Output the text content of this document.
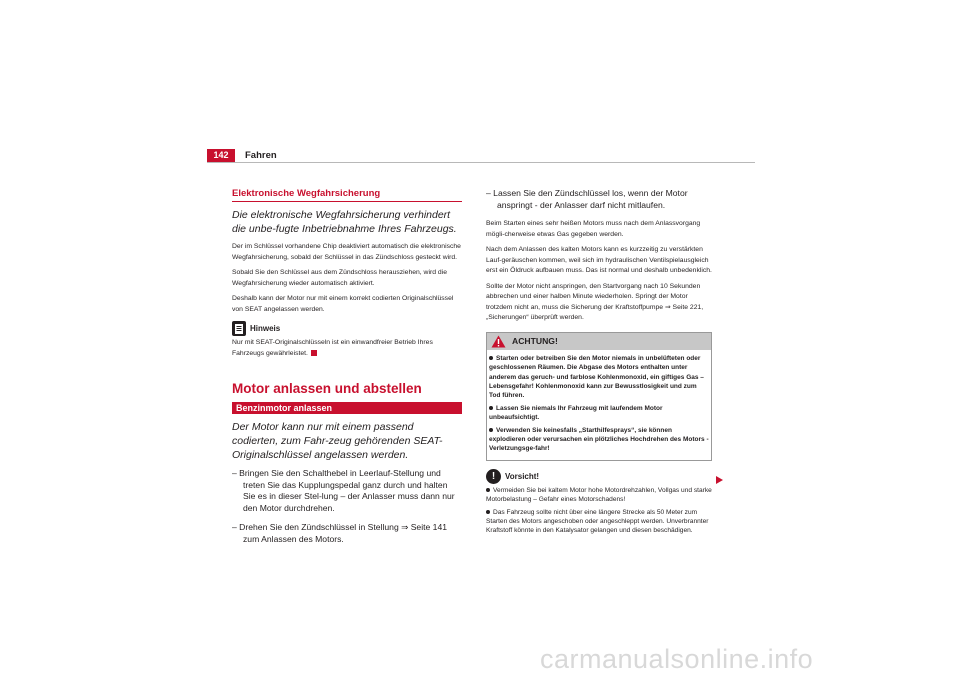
142	Fahren
Elektronische Wegfahrsicherung

Die elektronische Wegfahrsicherung verhindert die unbe-fugte Inbetriebnahme Ihres Fahrzeugs.

Der im Schlüssel vorhandene Chip deaktiviert automatisch die elektronische Wegfahrsicherung, sobald der Schlüssel in das Zündschloss gesteckt wird.

Sobald Sie den Schlüssel aus dem Zündschloss herausziehen, wird die Wegfahrsicherung wieder automatisch aktiviert.

Deshalb kann der Motor nur mit einem korrekt codierten Originalschlüssel von SEAT angelassen werden.

Hinweis

Nur mit SEAT-Originalschlüsseln ist ein einwandfreier Betrieb Ihres Fahrzeugs gewährleistet.

Motor anlassen und abstellen
Benzinmotor anlassen

Der Motor kann nur mit einem passend codierten, zum Fahr-zeug gehörenden SEAT-Originalschlüssel angelassen werden.

– Bringen Sie den Schalthebel in Leerlauf-Stellung und treten Sie das Kupplungspedal ganz durch und halten Sie es in dieser Stel-lung – der Anlasser muss dann nur den Motor durchdrehen.

– Drehen Sie den Zündschlüssel in Stellung ⇒ Seite 141 zum Anlassen des Motors.

– Lassen Sie den Zündschlüssel los, wenn der Motor anspringt - der Anlasser darf nicht mitlaufen.

Beim Starten eines sehr heißen Motors muss nach dem Anlassvorgang mögli-cherweise etwas Gas gegeben werden.

Nach dem Anlassen des kalten Motors kann es kurzzeitig zu verstärkten Lauf-geräuschen kommen, weil sich im hydraulischen Ventilspielausgleich erst ein Öldruck aufbauen muss. Das ist normal und deshalb unbedenklich.

Sollte der Motor nicht anspringen, den Startvorgang nach 10 Sekunden abbrechen und einer halben Minute wiederholen. Springt der Motor trotzdem nicht an, muss die Sicherung der Kraftstoffpumpe ⇒ Seite 221, „Sicherungen“ überprüft werden.

ACHTUNG!

Starten oder betreiben Sie den Motor niemals in unbelüfteten oder geschlossenen Räumen. Die Abgase des Motors enthalten unter anderem das geruch- und farblose Kohlenmonoxid, ein giftiges Gas – Lebensgefahr! Kohlenmonoxid kann zur Bewusstlosigkeit und zum Tod führen.

Lassen Sie niemals Ihr Fahrzeug mit laufendem Motor unbeaufsichtigt.

Verwenden Sie keinesfalls „Starthilfesprays“, sie können explodieren oder verursachen ein plötzliches Hochdrehen des Motors - Verletzungsge-fahr!

!	Vorsicht!

Vermeiden Sie bei kaltem Motor hohe Motordrehzahlen, Vollgas und starke Motorbelastung – Gefahr eines Motorschadens!

Das Fahrzeug sollte nicht über eine längere Strecke als 50 Meter zum Starten des Motors angeschoben oder angeschleppt werden. Unverbrannter Kraftstoff könnte in den Katalysator gelangen und diesen beschädigen.

carmanualsonline.info
